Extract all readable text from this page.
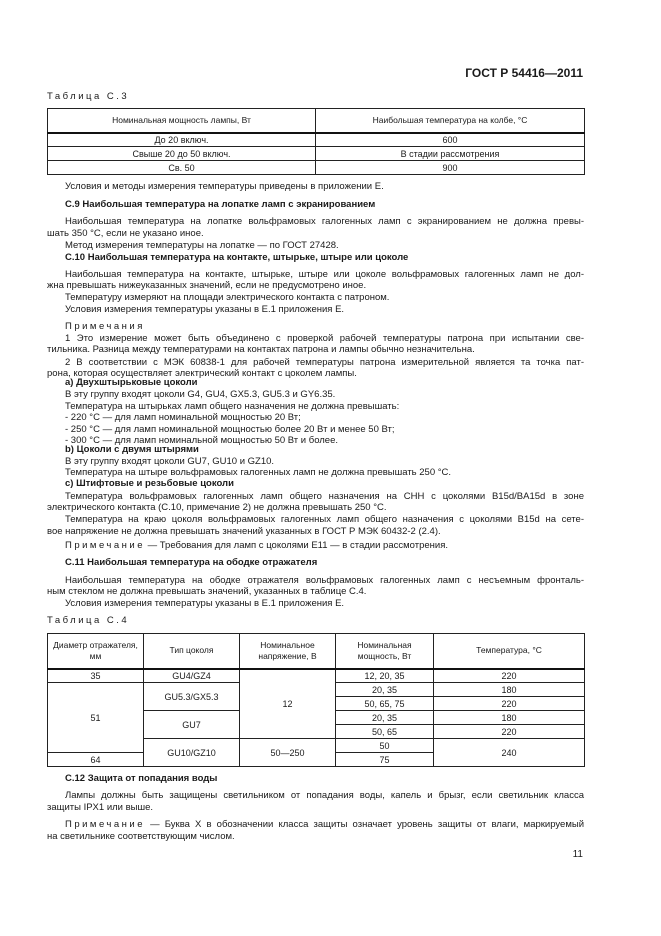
ГОСТ Р 54416—2011
Таблица С.3
Номинальная мощность лампы, Вт	Наибольшая температура на колбе, °С
До 20 включ.	600
Свыше 20 до 50 включ.	В стадии рассмотрения
Св. 50	900
Условия и методы измерения температуры приведены в приложении Е.
С.9 Наибольшая температура на лопатке ламп с экранированием
Наибольшая температура на лопатке вольфрамовых галогенных ламп с экранированием не должна превы-
шать 350 °С, если не указано иное.
Метод измерения температуры на лопатке — по ГОСТ 27428.
С.10 Наибольшая температура на контакте, штырьке, штыре или цоколе
Наибольшая температура на контакте, штырьке, штыре или цоколе вольфрамовых галогенных ламп не дол-
жна превышать нижеуказанных значений, если не предусмотрено иное.
Температуру измеряют на площади электрического контакта с патроном.
Условия измерения температуры указаны в Е.1 приложения Е.
Примечания
1 Это измерение может быть объединено с проверкой рабочей температуры патрона при испытании све-
тильника. Разница между температурами на контактах патрона и лампы обычно незначительна.
2 В соответствии с МЭК 60838-1 для рабочей температуры патрона измерительной является та точка пат-
рона, которая осуществляет электрический контакт с цоколем лампы.
a) Двухштырьковые цоколи
В эту группу входят цоколи G4, GU4, GX5.3, GU5.3 и GY6.35.
Температура на штырьках ламп общего назначения не должна превышать:
- 220 °С — для ламп номинальной мощностью 20 Вт;
- 250 °С — для ламп номинальной мощностью более 20 Вт и менее 50 Вт;
- 300 °С — для ламп номинальной мощностью 50 Вт и более.
b) Цоколи с двумя штырями
В эту группу входят цоколи GU7, GU10 и GZ10.
Температура на штыре вольфрамовых галогенных ламп не должна превышать 250 °С.
c) Штифтовые и резьбовые цоколи
Температура вольфрамовых галогенных ламп общего назначения на СНН с цоколями B15d/BA15d в зоне
электрического контакта (С.10, примечание 2) не должна превышать 250 °С.
Температура на краю цоколя вольфрамовых галогенных ламп общего назначения с цоколями B15d на сете-
вое напряжение не должна превышать значений указанных в ГОСТ Р МЭК 60432-2 (2.4).
Примечание — Требования для ламп с цоколями Е11 — в стадии рассмотрения.
С.11 Наибольшая температура на ободке отражателя
Наибольшая температура на ободке отражателя вольфрамовых галогенных ламп с несъемным фронталь-
ным стеклом не должна превышать значений, указанных в таблице С.4.
Условия измерения температуры указаны в Е.1 приложения Е.
Таблица С.4
Диаметр отражателя, мм	Тип цоколя	Номинальное напряжение, В	Номинальная мощность, Вт	Температура, °С
35	GU4/GZ4	12	12, 20, 35	220
51	GU5.3/GX5.3		20, 35	180
			50, 65, 75	220
	GU7		20, 35	180
			50, 65	220
	GU10/GZ10	50—250	50	240
64			75	
С.12 Защита от попадания воды
Лампы должны быть защищены светильником от попадания воды, капель и брызг, если светильник класса
защиты IPX1 или выше.
Примечание — Буква X в обозначении класса защиты означает уровень защиты от влаги, маркируемый
на светильнике соответствующим числом.
11
